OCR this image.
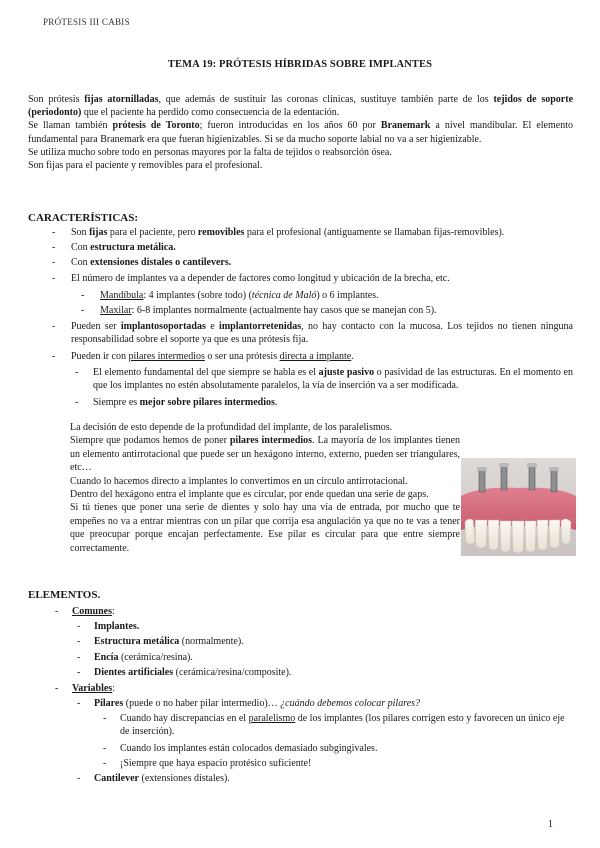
PRÓTESIS III CABIS
TEMA 19: PRÓTESIS HÍBRIDAS SOBRE IMPLANTES

Son prótesis fijas atornilladas, que además de sustituir las coronas clínicas, sustituye también parte de los tejidos de soporte (periodonto) que el paciente ha perdido como consecuencia de la edentación.

Se llaman también prótesis de Toronto; fueron introducidas en los años 60 por Branemark a nivel mandibular. El elemento fundamental para Branemark era que fueran higienizables. Si se da mucho soporte labial no va a ser higienizable.

Se utiliza mucho sobre todo en personas mayores por la falta de tejidos o reabsorción ósea.

Son fijas para el paciente y removibles para el profesional.

CARACTERÍSTICAS:
- Son fijas para el paciente, pero removibles para el profesional (antiguamente se llamaban fijas-removibles).
- Con estructura metálica.
- Con extensiones distales o cantilevers.
- El número de implantes va a depender de factores como longitud y ubicación de la brecha, etc.
- Mandíbula: 4 implantes (sobre todo) (técnica de Maló) o 6 implantes.
- Maxilar: 6-8 implantes normalmente (actualmente hay casos que se manejan con 5).
- Pueden ser implantosoportadas e implantorretenidas, no hay contacto con la mucosa. Los tejidos no tienen ninguna responsabilidad sobre el soporte ya que es una prótesis fija.
- Pueden ir con pilares intermedios o ser una prótesis directa a implante.
- El elemento fundamental del que siempre se habla es el ajuste pasivo o pasividad de las estructuras. En el momento en que los implantes no estén absolutamente paralelos, la vía de inserción va a ser modificada.
- Siempre es mejor sobre pilares intermedios.

La decisión de esto depende de la profundidad del implante, de los paralelismos.

Siempre que podamos hemos de poner pilares intermedios. La mayoría de los implantes tienen un elemento antirrotacional que puede ser un hexágono interno, externo, pueden ser triangulares, etc…

Cuando lo hacemos directo a implantes lo convertimos en un círculo antirrotacional.

Dentro del hexágono entra el implante que es circular, por ende quedan una serie de gaps.

Si tú tienes que poner una serie de dientes y solo hay una vía de entrada, por mucho que te empeñes no va a entrar mientras con un pilar que corrija esa angulación ya que no te vas a tener que preocupar porque encajan perfectamente. Ese pilar es circular para que entre siempre correctamente.

ELEMENTOS.
- Comunes:
- Implantes.
- Estructura metálica (normalmente).
- Encía (cerámica/resina).
- Dientes artificiales (cerámica/resina/composite).
- Variables:
- Pilares (puede o no haber pilar intermedio)… ¿cuándo debemos colocar pilares?
- Cuando hay discrepancias en el paralelismo de los implantes (los pilares corrigen esto y favorecen un único eje de inserción).
- Cuando los implantes están colocados demasiado subgingivales.
- ¡Siempre que haya espacio protésico suficiente!
- Cantilever (extensiones distales).
1
